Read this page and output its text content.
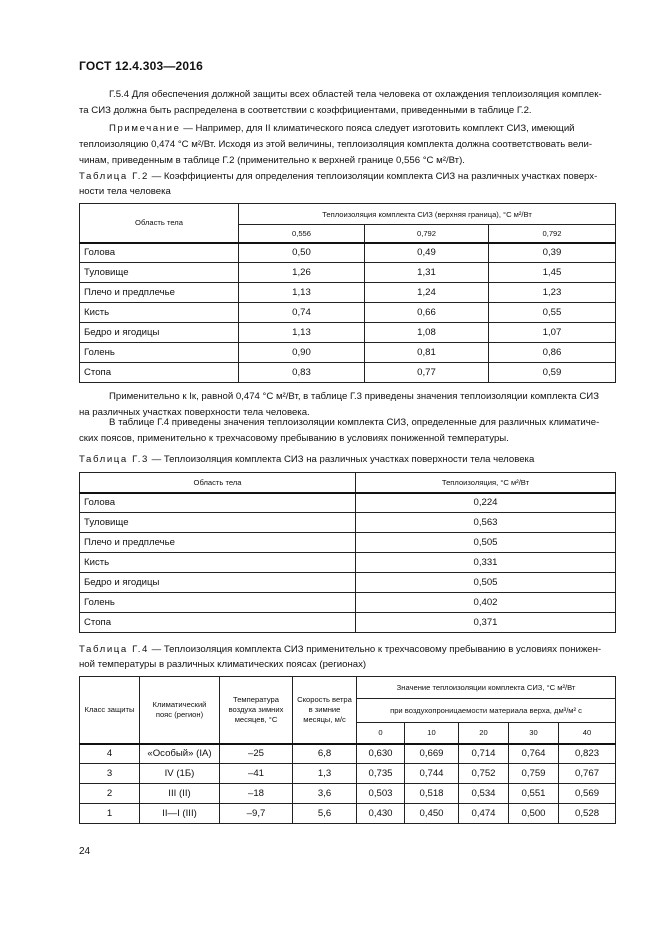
ГОСТ 12.4.303—2016
Г.5.4 Для обеспечения должной защиты всех областей тела человека от охлаждения теплоизоляция комплек-
та СИЗ должна быть распределена в соответствии с коэффициентами, приведенными в таблице Г.2.
Примечание — Например, для II климатического пояса следует изготовить комплект СИЗ, имеющий
теплоизоляцию 0,474 °С м²/Вт. Исходя из этой величины, теплоизоляция комплекта должна соответствовать вели-
чинам, приведенным в таблице Г.2 (применительно к верхней границе 0,556 °С м²/Вт).
Таблица Г.2 — Коэффициенты для определения теплоизоляции комплекта СИЗ на различных участках поверх-
ности тела человека
Область тела	Теплоизоляция комплекта СИЗ (верхняя граница), °С м²/Вт		
	0,556	0,792	0,792
Голова	0,50	0,49	0,39
Туловище	1,26	1,31	1,45
Плечо и предплечье	1,13	1,24	1,23
Кисть	0,74	0,66	0,55
Бедро и ягодицы	1,13	1,08	1,07
Голень	0,90	0,81	0,86
Стопа	0,83	0,77	0,59
Применительно к Iк, равной 0,474 °С м²/Вт, в таблице Г.3 приведены значения теплоизоляции комплекта СИЗ
на различных участках поверхности тела человека.
В таблице Г.4 приведены значения теплоизоляции комплекта СИЗ, определенные для различных климатиче-
ских поясов, применительно к трехчасовому пребыванию в условиях пониженной температуры.
Таблица Г.3 — Теплоизоляция комплекта СИЗ на различных участках поверхности тела человека
Область тела	Теплоизоляция, °С м²/Вт
Голова	0,224
Туловище	0,563
Плечо и предплечье	0,505
Кисть	0,331
Бедро и ягодицы	0,505
Голень	0,402
Стопа	0,371
Таблица Г.4 — Теплоизоляция комплекта СИЗ применительно к трехчасовому пребыванию в условиях понижен-
ной температуры в различных климатических поясах (регионах)
Класс защиты	Климатический пояс (регион)	Температура воздуха зимних месяцев, °С	Скорость ветра в зимние месяцы, м/с	Значение теплоизоляции комплекта СИЗ, °С м²/Вт				
				при воздухопроницаемости материала верха, дм³/м² с				
				0	10	20	30	40
4	«Особый» (IA)	–25	6,8	0,630	0,669	0,714	0,764	0,823
3	IV (1Б)	–41	1,3	0,735	0,744	0,752	0,759	0,767
2	III (II)	–18	3,6	0,503	0,518	0,534	0,551	0,569
1	II—I (III)	–9,7	5,6	0,430	0,450	0,474	0,500	0,528
24
